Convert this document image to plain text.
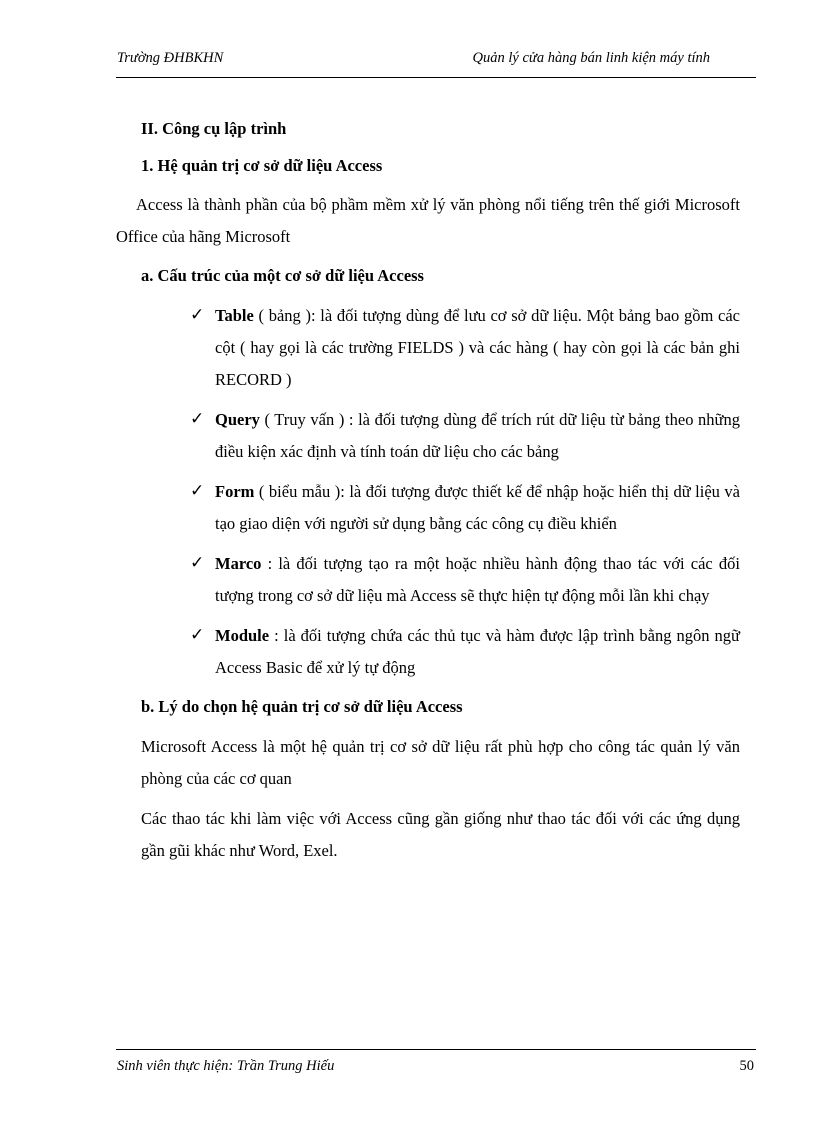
Trường ĐHBKHN	Quản lý cửa hàng bán linh kiện máy tính

II. Công cụ lập trình

1. Hệ quản trị cơ sở dữ liệu Access

Access là thành phần của bộ phầm mềm xử lý văn phòng nổi tiếng trên thế giới Microsoft Office của hãng Microsoft

a. Cấu trúc của một cơ sở dữ liệu Access

✓ Table ( bảng ): là đối tượng dùng để lưu cơ sở dữ liệu. Một bảng bao gồm các cột ( hay gọi là các trường FIELDS ) và các hàng ( hay còn gọi là các bản ghi RECORD )
✓ Query ( Truy vấn ) : là đối tượng dùng để trích rút dữ liệu từ bảng theo những điều kiện xác định và tính toán dữ liệu cho các bảng
✓ Form ( biểu mẫu ): là đối tượng được thiết kế để nhập hoặc hiển thị dữ liệu và tạo giao diện với người sử dụng bằng các công cụ điều khiển
✓ Marco : là đối tượng tạo ra một hoặc nhiều hành động thao tác với các đối tượng trong cơ sở dữ liệu mà Access sẽ thực hiện tự động mỗi lần khi chạy
✓ Module : là đối tượng chứa các thủ tục và hàm được lập trình bằng ngôn ngữ Access Basic để xử lý tự động

b. Lý do chọn hệ quản trị cơ sở dữ liệu Access

Microsoft Access là một hệ quản trị cơ sở dữ liệu rất phù hợp cho công tác quản lý văn phòng của các cơ quan

Các thao tác khi làm việc với Access cũng gần giống như thao tác đối với các ứng dụng gần gũi khác như Word, Exel.

Sinh viên thực hiện: Trần Trung Hiếu	50
